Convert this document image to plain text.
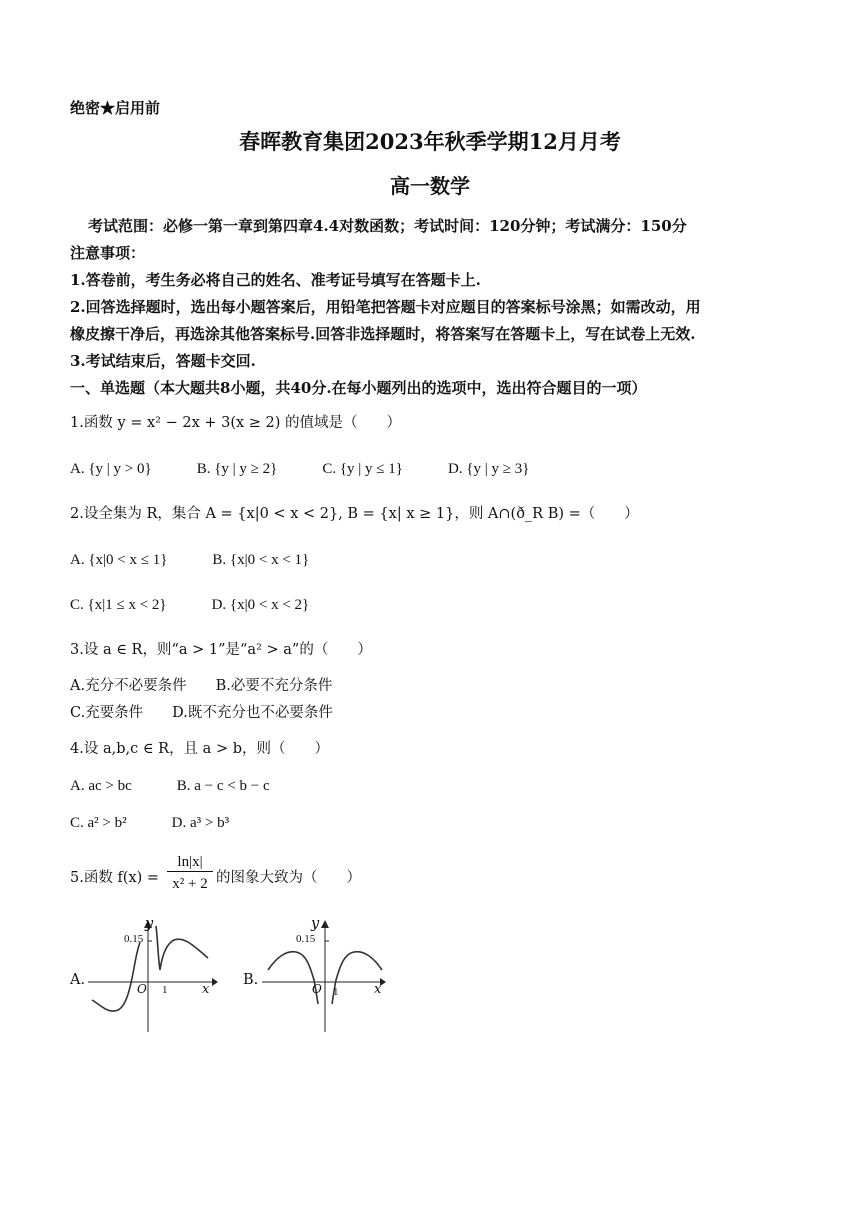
绝密★启用前
春晖教育集团2023年秋季学期12月月考
高一数学
考试范围：必修一第一章到第四章4.4对数函数；考试时间：120分钟；考试满分：150分
注意事项：
1.答卷前，考生务必将自己的姓名、准考证号填写在答题卡上.
2.回答选择题时，选出每小题答案后，用铅笔把答题卡对应题目的答案标号涂黑；如需改动，用
橡皮擦干净后，再选涂其他答案标号.回答非选择题时，将答案写在答题卡上，写在试卷上无效.
3.考试结束后，答题卡交回.
一、单选题（本大题共8小题，共40分.在每小题列出的选项中，选出符合题目的一项）
1.函数 y = x² − 2x + 3(x ≥ 2) 的值域是（　　）
A. {y | y > 0}　　　B. {y | y ≥ 2}　　　C. {y | y ≤ 1}　　　D. {y | y ≥ 3}
2.设全集为 R，集合 A = {x|0 < x < 2}, B = {x| x ≥ 1}，则 A∩(ð_R B) =（　　）
A. {x|0 < x ≤ 1}　　　B. {x|0 < x < 1}
C. {x|1 ≤ x < 2}　　　D. {x|0 < x < 2}
3.设 a ∈ R，则“a > 1”是“a² > a”的（　　）
A.充分不必要条件　　B.必要不充分条件
C.充要条件　　D.既不充分也不必要条件
4.设 a,b,c ∈ R，且 a > b，则（　　）
A. ac > bc　　　B. a − c < b − c
C. a² > b²　　　D. a³ > b³
5.函数 f(x) =
ln|x|
x² + 2 的图象大致为（　　）
A.
y
0.15
O 1	x
B.
y
0.15
O 1	x
